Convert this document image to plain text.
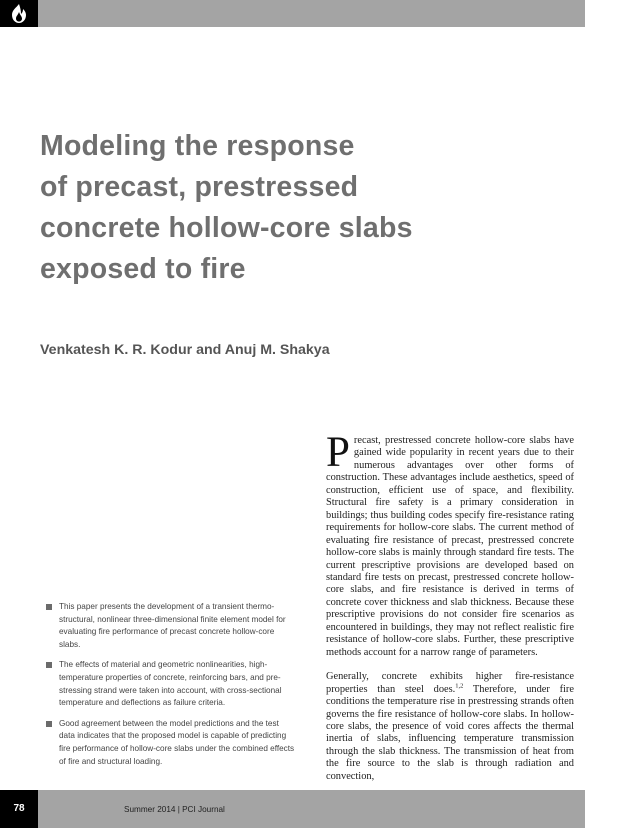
Modeling the response
of precast, prestressed
concrete hollow-core slabs
exposed to fire

Venkatesh K. R. Kodur and Anuj M. Shakya

This paper presents the development of a transient thermo-structural, nonlinear three-dimensional finite element model for evaluating fire performance of precast concrete hollow-core slabs.
The effects of material and geometric nonlinearities, high-temperature properties of concrete, reinforcing bars, and pre-stressing strand were taken into account, with cross-sectional temperature and deflections as failure criteria.
Good agreement between the model predictions and the test data indicates that the proposed model is capable of predicting fire performance of hollow-core slabs under the combined effects of fire and structural loading.

Precast, prestressed concrete hollow-core slabs have gained wide popularity in recent years due to their numerous advantages over other forms of construction. These advantages include aesthetics, speed of construction, efficient use of space, and flexibility. Structural fire safety is a primary consideration in buildings; thus building codes specify fire-resistance rating requirements for hollow-core slabs. The current method of evaluating fire resistance of precast, prestressed concrete hollow-core slabs is mainly through standard fire tests. The current prescriptive provisions are developed based on standard fire tests on precast, prestressed concrete hollow-core slabs, and fire resistance is derived in terms of concrete cover thickness and slab thickness. Because these prescriptive provisions do not consider fire scenarios as encountered in buildings, they may not reflect realistic fire resistance of hollow-core slabs. Further, these prescriptive methods account for a narrow range of parameters.

Generally, concrete exhibits higher fire-resistance properties than steel does.$^{1,2}$ Therefore, under fire conditions the temperature rise in prestressing strands often governs the fire resistance of hollow-core slabs. In hollow-core slabs, the presence of void cores affects the thermal inertia of slabs, influencing temperature transmission through the slab thickness. The transmission of heat from the fire source to the slab is through radiation and convection,

78	Summer 2014 | PCI Journal
